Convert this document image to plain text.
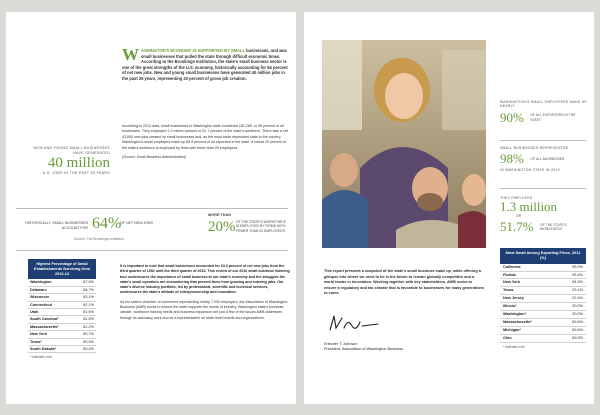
W ASHINGTON'S ECONOMY IS SUPPORTED BY SMALL businesses, and was small businesses that pulled the state through difficult economic times. According to the Brookings Institution, the state's small business sector is one of the great strengths of the U.S. economy, historically accounting for 64 percent of net new jobs. New and young small businesses have generated 40 million jobs in the past 25 years, representing 20 percent of gross job creation.

According to 2013 data, small businesses in Washington state numbered 181,285, or 98 percent of all businesses. They employed 1.3 million workers or 51.7 percent of the state's workforce. There was a net 43,690 new jobs created by small businesses and, as the most trade dependent state in the country, Washington's small employers make up 89.9 percent of all exporters in the state. A robust 20 percent of the state's workforce is employed by firms with fewer than 20 employees.

(Source: Small Business Administration)

NEW AND YOUNG SMALL BUSINESSES HAVE GENERATED
40 million
U.S. JOBS IN THE PAST 25 YEARS
HISTORICALLY, SMALL BUSINESSES ACCOUNT FOR 64%
OF NET NEW JOBS.
Source: The Brookings Institution
MORE THAN
20% OF THE STATE'S WORKFORCE IS EMPLOYED BY FIRMS WITH FEWER THAN 20 EMPLOYEES.
Highest Percentage of Small Establishments Surviving from 2012-14
Washington	87.6%
Delaware	84.7%
Wisconsin	83.1%
Connecticut	82.1%
Utah	81.6%
South Carolina*	81.5%
Massachusetts*	81.2%
New York	80.7%
Texas*	80.4%
South Dakota*	80.4%
* Indicates a tie

It is important to note that small businesses accounted for 63.3 percent of net new jobs from the third quarter of 1992 until the third quarter of 2013. This review of our 2016 small business listening tour underscores the importance of small business to our state's economy and the struggles the state's small operators are encountering that prevent them from growing and entering jobs. Our state's diverse industry portfolio, led by professional, scientific and technical services, underscores the state's attitude of entrepreneurship and innovation.

As the state's chamber of commerce representing nearly 7,000 employers, the Association of Washington Business (AWB) works to ensure the state supports the needs of industry. Washington state's business climate, workforce training needs and business expansion are just a few of the issues AWB addresses through its advocacy work and as a representative on state-level boards and organizations.

WASHINGTON'S SMALL EMPLOYERS MAKE UP NEARLY
90% OF ALL EXPORTERS IN THE STATE
SMALL BUSINESSES REPRESENTED
98% OF ALL BUSINESSES
IN WASHINGTON STATE IN 2013
THEY EMPLOYED
1.3 million
OR
51.7% OF THE STATE'S WORKFORCE
Most Small Among Exporting Firms, 2012 (%)
California	95.9%
Florida	95.4%
New York	94.3%
Texas	93.1%
New Jersey	92.4%
Illinois*	90.0%
Washington*	90.0%
Massachusetts*	89.6%
Michigan*	89.6%
Ohio	89.3%
* Indicates a tie
This report presents a snapshot of the state's small business make up, while offering a glimpse into where we need to be in the future to remain globally competitive and a world leader in innovation. Working together with key stakeholders, AWB seeks to ensure a regulatory and tax climate that is favorable to businesses for many generations to come.
Kristofer T. Johnson
President, Association of Washington Business
